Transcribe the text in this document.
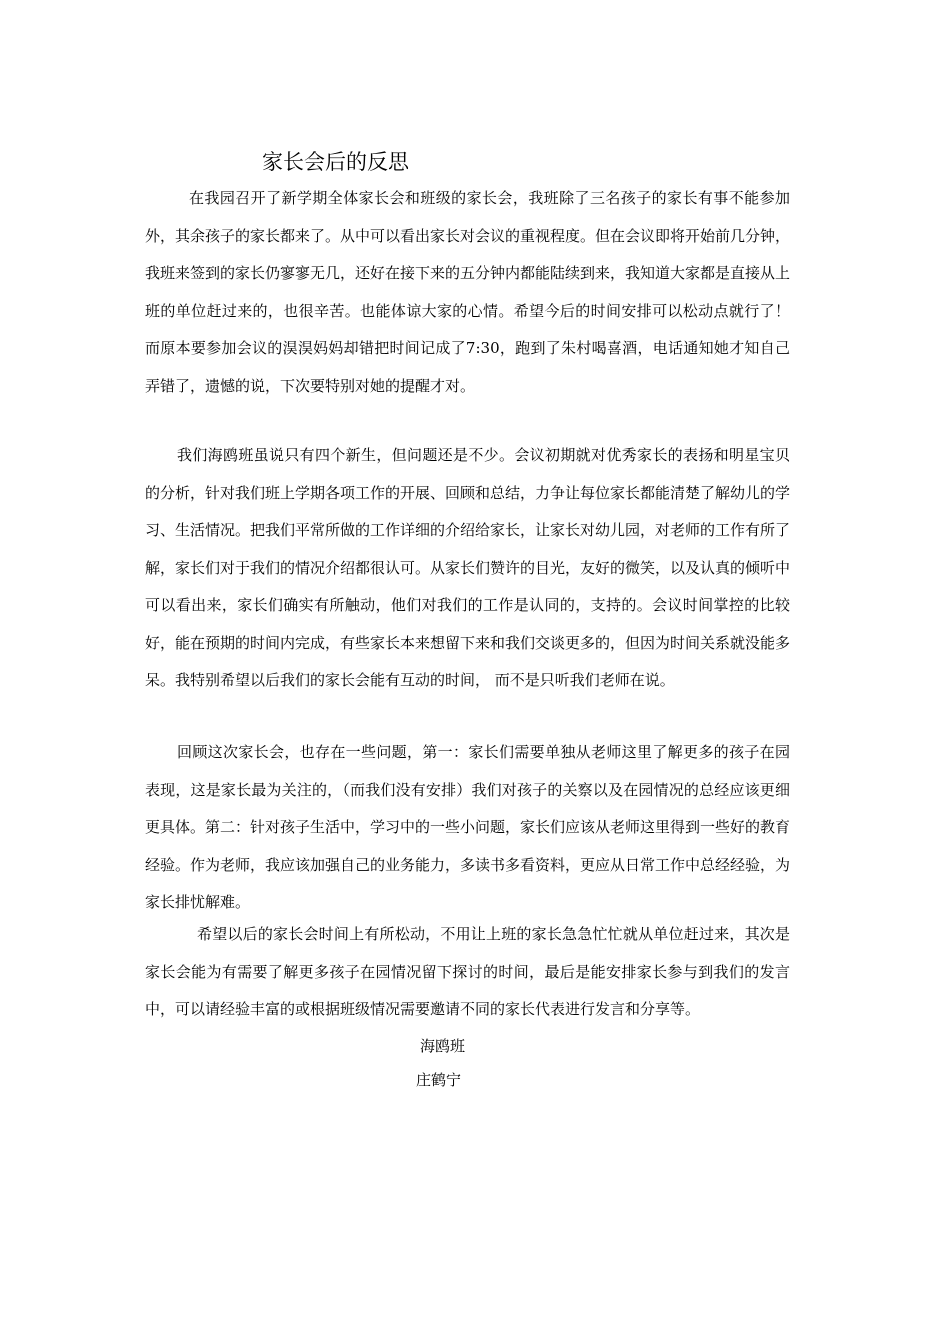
家长会后的反思
在我园召开了新学期全体家长会和班级的家长会，我班除了三名孩子的家长有事不能参加外，其余孩子的家长都来了。从中可以看出家长对会议的重视程度。但在会议即将开始前几分钟，我班来签到的家长仍寥寥无几，还好在接下来的五分钟内都能陆续到来，我知道大家都是直接从上班的单位赶过来的，也很辛苦。也能体谅大家的心情。希望今后的时间安排可以松动点就行了！ 而原本要参加会议的淏淏妈妈却错把时间记成了7:30，跑到了朱村喝喜酒，电话通知她才知自己弄错了，遗憾的说，下次要特别对她的提醒才对。
我们海鸥班虽说只有四个新生，但问题还是不少。会议初期就对优秀家长的表扬和明星宝贝的分析，针对我们班上学期各项工作的开展、回顾和总结，力争让每位家长都能清楚了解幼儿的学习、生活情况。把我们平常所做的工作详细的介绍给家长，让家长对幼儿园，对老师的工作有所了解，家长们对于我们的情况介绍都很认可。从家长们赞许的目光，友好的微笑，以及认真的倾听中可以看出来，家长们确实有所触动，他们对我们的工作是认同的，支持的。会议时间掌控的比较好，能在预期的时间内完成，有些家长本来想留下来和我们交谈更多的，但因为时间关系就没能多呆。我特别希望以后我们的家长会能有互动的时间， 而不是只听我们老师在说。
回顾这次家长会，也存在一些问题，第一：家长们需要单独从老师这里了解更多的孩子在园表现，这是家长最为关注的，（而我们没有安排）我们对孩子的关察以及在园情况的总经应该更细更具体。第二：针对孩子生活中，学习中的一些小问题，家长们应该从老师这里得到一些好的教育经验。作为老师，我应该加强自己的业务能力，多读书多看资料，更应从日常工作中总经经验，为家长排忧解难。
希望以后的家长会时间上有所松动，不用让上班的家长急急忙忙就从单位赶过来，其次是家长会能为有需要了解更多孩子在园情况留下探讨的时间，最后是能安排家长参与到我们的发言中，可以请经验丰富的或根据班级情况需要邀请不同的家长代表进行发言和分享等。
海鸥班
庄鹤宁
